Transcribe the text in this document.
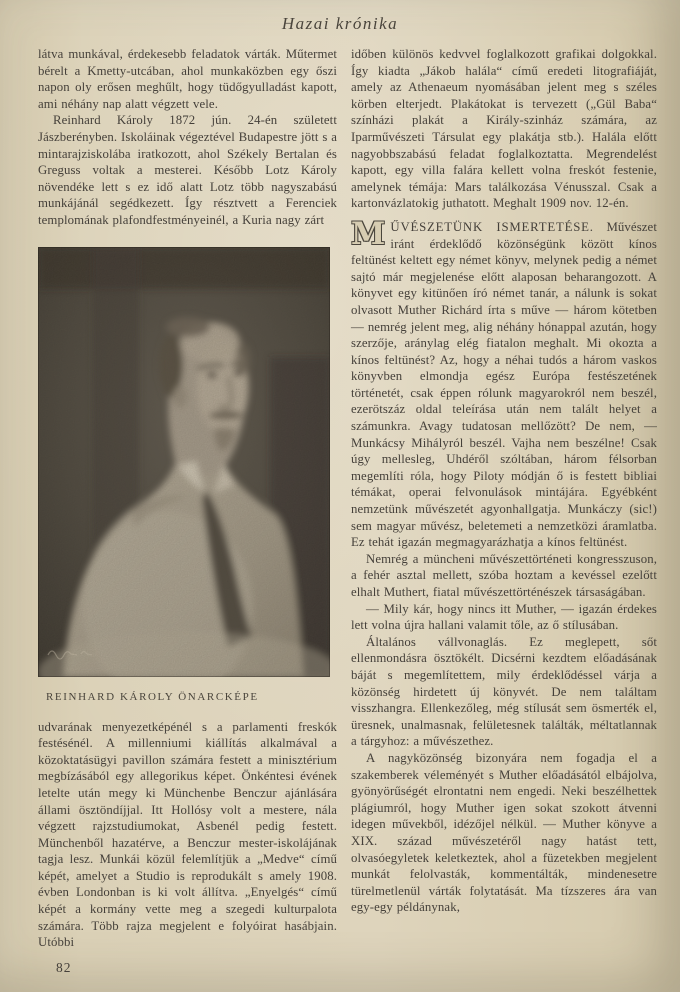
Hazai krónika

látva munkával, érdekesebb feladatok várták. Műtermet bérelt a Kmetty-utcában, ahol munkaközben egy őszi napon oly erősen meghűlt, hogy tüdőgyulladást kapott, ami néhány nap alatt végzett vele.

Reinhard Károly 1872 jún. 24-én született Jászberényben. Iskoláinak végeztével Budapestre jött s a mintarajziskolába iratkozott, ahol Székely Bertalan és Greguss voltak a mesterei. Később Lotz Károly növendéke lett s ez idő alatt Lotz több nagyszabású munkájánál segédkezett. Így résztvett a Ferenciek templomának plafondfestményeinél, a Kuria nagy zárt

REINHARD KÁROLY ÖNARCKÉPE

udvarának menyezetképénél s a parlamenti freskók festésénél. A millenniumi kiállítás alkalmával a közoktatásügyi pavillon számára festett a minisztérium megbízásából egy allegorikus képet. Önkéntesi évének letelte után megy ki Münchenbe Benczur ajánlására állami ösztöndíjjal. Itt Hollósy volt a mestere, nála végzett rajzstudiumokat, Asbenél pedig festett. Münchenből hazatérve, a Benczur mester-iskolájának tagja lesz. Munkái közül felemlítjük a „Medve“ című képét, amelyet a Studio is reprodukált s amely 1908. évben Londonban is ki volt állítva. „Enyelgés“ című képét a kormány vette meg a szegedi kulturpalota számára. Több rajza megjelent e folyóirat hasábjain. Utóbbi

időben különös kedvvel foglalkozott grafikai dolgokkal. Így kiadta „Jákob halála“ című eredeti litografiáját, amely az Athenaeum nyomásában jelent meg s széles körben elterjedt. Plakátokat is tervezett („Gül Baba“ színházi plakát a Király-szinház számára, az Iparművészeti Társulat egy plakátja stb.). Halála előtt nagyobbszabású feladat foglalkoztatta. Megrendelést kapott, egy villa falára kellett volna freskót festenie, amelynek témája: Mars találkozása Vénusszal. Csak a kartonvázlatokig juthatott. Meghalt 1909 nov. 12-én.

MŰVÉSZETÜNK ISMERTETÉSE. Művészet iránt érdeklődő közönségünk között kínos feltünést keltett egy német könyv, melynek pedig a német sajtó már megjelenése előtt alaposan beharangozott. A könyvet egy kitünően író német tanár, a nálunk is sokat olvasott Muther Richárd írta s műve — három kötetben — nemrég jelent meg, alig néhány hónappal azután, hogy szerzője, aránylag elég fiatalon meghalt. Mi okozta a kínos feltünést? Az, hogy a néhai tudós a három vaskos könyvben elmondja egész Európa festészetének történetét, csak éppen rólunk magyarokról nem beszél, ezerötszáz oldal teleírása után nem talált helyet a számunkra. Avagy tudatosan mellőzött? De nem, — Munkácsy Mihályról beszél. Vajha nem beszélne! Csak úgy mellesleg, Uhdéről szóltában, három félsorban megemlíti róla, hogy Piloty módján ő is festett bibliai témákat, operai felvonulások mintájára. Egyébként nemzetünk művészetét agyonhallgatja. Munkáczy (sic!) sem magyar művész, beletemeti a nemzetközi áramlatba. Ez tehát igazán megmagyarázhatja a kínos feltünést.

Nemrég a müncheni művészettörténeti kongresszuson, a fehér asztal mellett, szóba hoztam a kevéssel ezelőtt elhalt Muthert, fiatal művészettörténészek társaságában.

— Mily kár, hogy nincs itt Muther, — igazán érdekes lett volna újra hallani valamit tőle, az ő stílusában.

Általános vállvonaglás. Ez meglepett, sőt ellenmondásra ösztökélt. Dicsérni kezdtem előadásának báját s megemlítettem, mily érdeklődéssel várja a közönség hirdetett új könyvét. De nem találtam visszhangra. Ellenkezőleg, még stílusát sem ösmerték el, üresnek, unalmasnak, felületesnek találták, méltatlannak a tárgyhoz: a művészethez.

A nagyközönség bizonyára nem fogadja el a szakemberek véleményét s Muther előadásától elbájolva, gyönyörűségét elrontatni nem engedi. Neki beszélhettek plágiumról, hogy Muther igen sokat szokott átvenni idegen művekből, idézőjel nélkül. — Muther könyve a XIX. század művészetéről nagy hatást tett, olvasóegyletek keletkeztek, ahol a füzetekben megjelent munkát felolvasták, kommentálták, mindenesetre türelmetlenül várták folytatását. Ma tízszeres ára van egy-egy példánynak,

82
